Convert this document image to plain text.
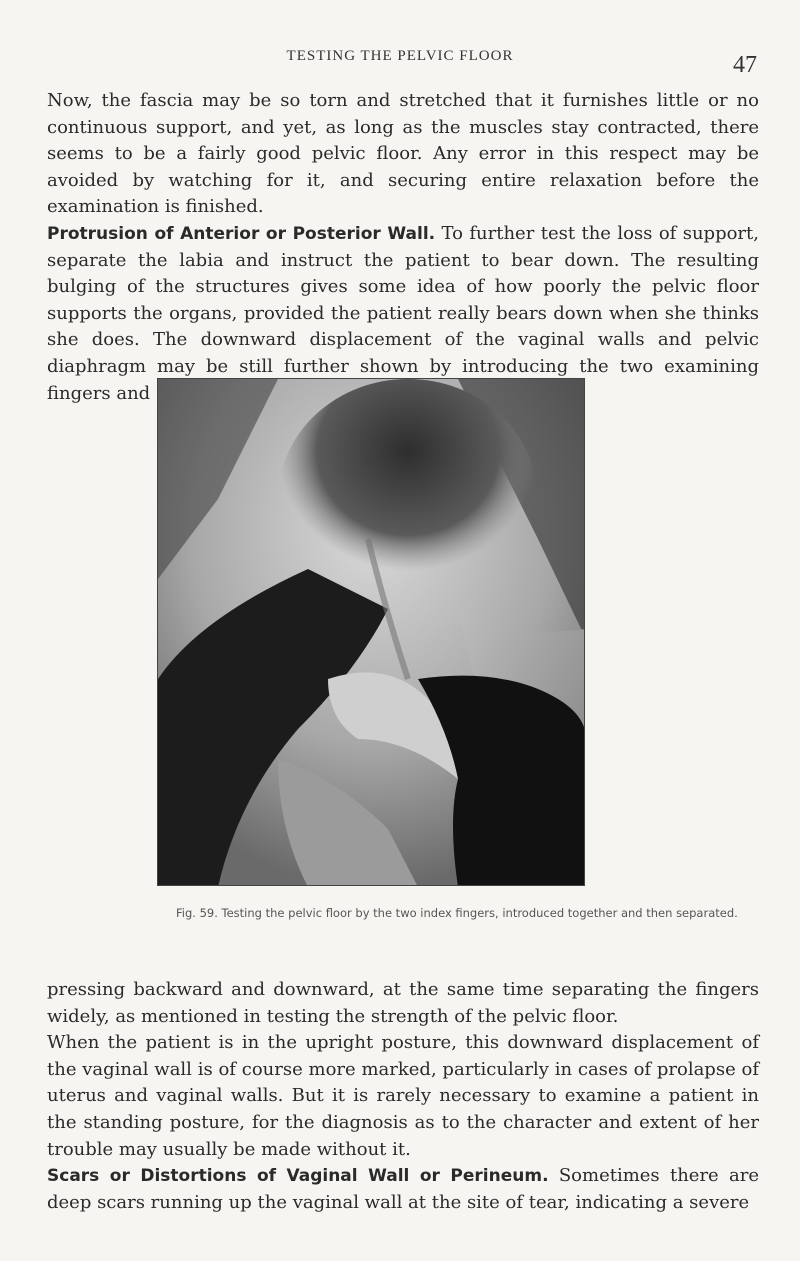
TESTING THE PELVIC FLOOR	47

Now, the fascia may be so torn and stretched that it furnishes little or no continuous support, and yet, as long as the muscles stay contracted, there seems to be a fairly good pelvic floor. Any error in this respect may be avoided by watching for it, and securing entire relaxation before the examination is finished.

Protrusion of Anterior or Posterior Wall. To further test the loss of support, separate the labia and instruct the patient to bear down. The resulting bulging of the structures gives some idea of how poorly the pelvic floor supports the organs, provided the patient really bears down when she thinks she does. The downward displacement of the vaginal walls and pelvic diaphragm may be still further shown by introducing the two examining fingers and

Fig. 59. Testing the pelvic floor by the two index fingers, introduced together and then separated.

pressing backward and downward, at the same time separating the fingers widely, as mentioned in testing the strength of the pelvic floor.

When the patient is in the upright posture, this downward displacement of the vaginal wall is of course more marked, particularly in cases of prolapse of uterus and vaginal walls. But it is rarely necessary to examine a patient in the standing posture, for the diagnosis as to the character and extent of her trouble may usually be made without it.

Scars or Distortions of Vaginal Wall or Perineum. Sometimes there are deep scars running up the vaginal wall at the site of tear, indicating a severe
